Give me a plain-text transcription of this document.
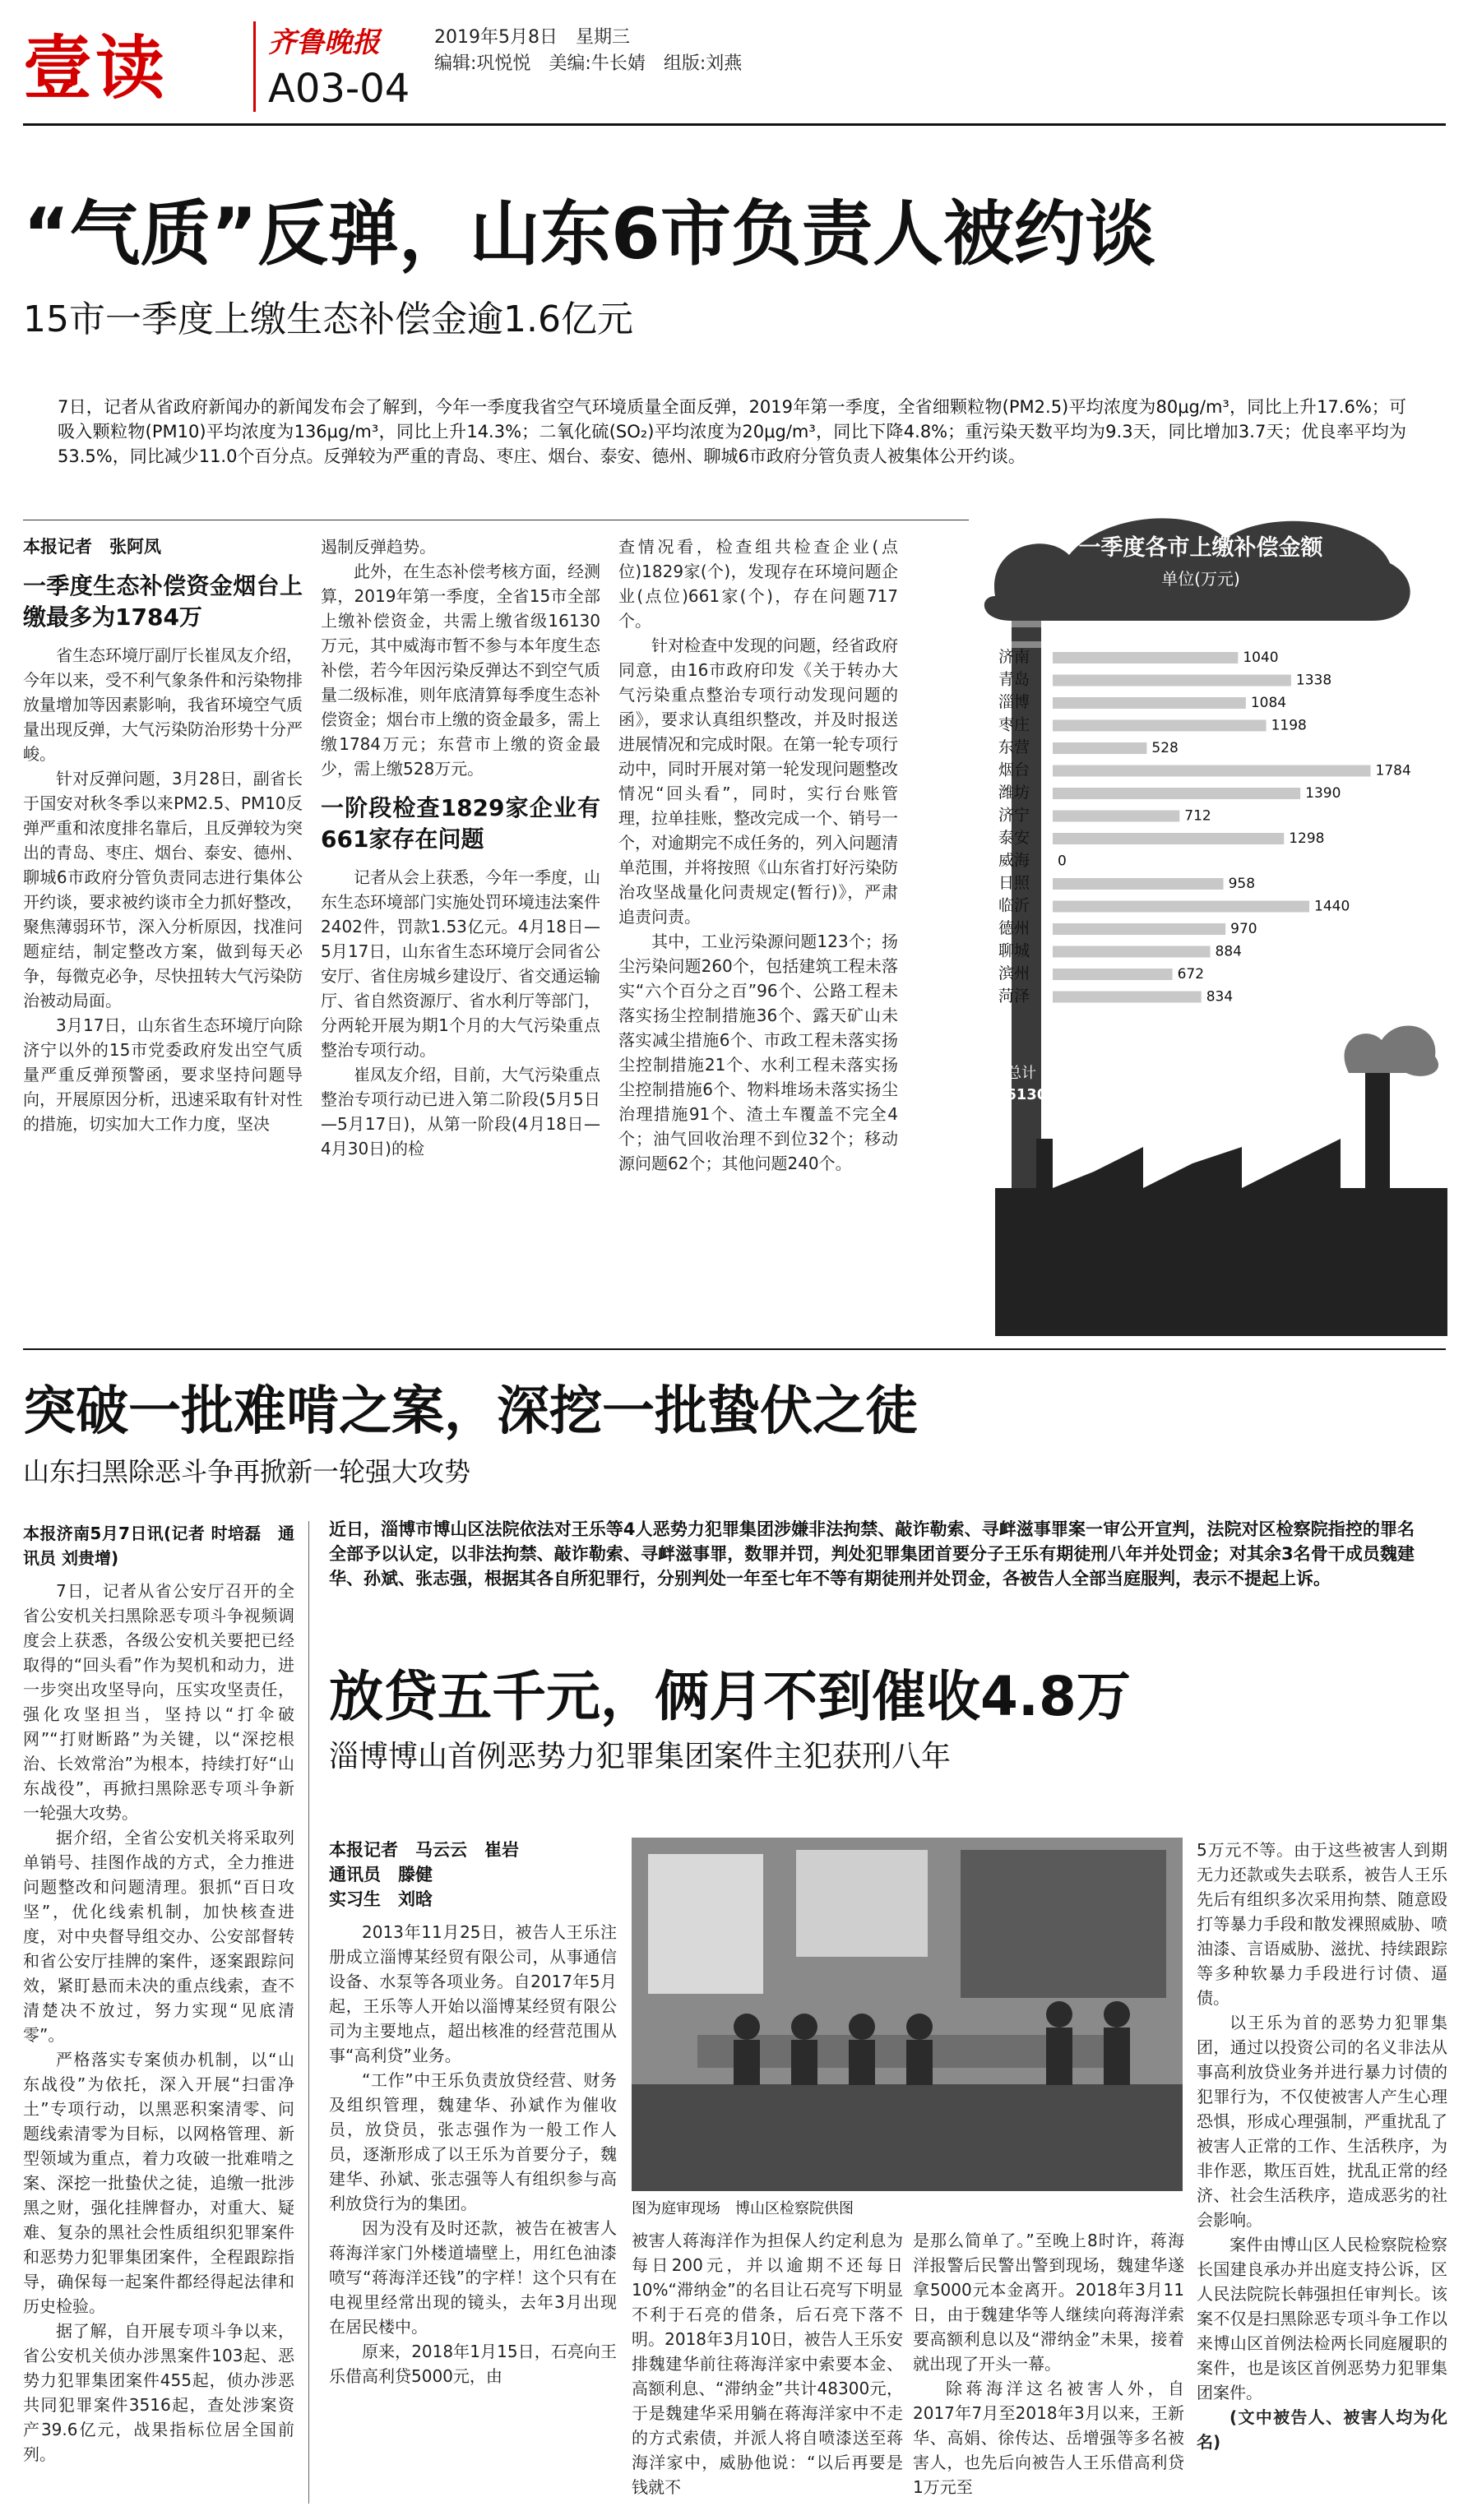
壹读	齐鲁晚报	2019年5月8日　星期三
编辑:巩悦悦　美编:牛长婧　组版:刘燕
A03-04
“气质”反弹，山东6市负责人被约谈
15市一季度上缴生态补偿金逾1.6亿元
7日，记者从省政府新闻办的新闻发布会了解到，今年一季度我省空气环境质量全面反弹，2019年第一季度，全省细颗粒物(PM2.5)平均浓度为80μg/m³，同比上升17.6%；可吸入颗粒物(PM10)平均浓度为136μg/m³，同比上升14.3%；二氧化硫(SO₂)平均浓度为20μg/m³，同比下降4.8%；重污染天数平均为9.3天，同比增加3.7天；优良率平均为53.5%，同比减少11.0个百分点。反弹较为严重的青岛、枣庄、烟台、泰安、德州、聊城6市政府分管负责人被集体公开约谈。
本报记者　张阿凤
一季度生态补偿资金烟台上缴最多为1784万

省生态环境厅副厅长崔凤友介绍，今年以来，受不利气象条件和污染物排放量增加等因素影响，我省环境空气质量出现反弹，大气污染防治形势十分严峻。

针对反弹问题，3月28日，副省长于国安对秋冬季以来PM2.5、PM10反弹严重和浓度排名靠后，且反弹较为突出的青岛、枣庄、烟台、泰安、德州、聊城6市政府分管负责同志进行集体公开约谈，要求被约谈市全力抓好整改，聚焦薄弱环节，深入分析原因，找准问题症结，制定整改方案，做到每天必争，每微克必争，尽快扭转大气污染防治被动局面。

3月17日，山东省生态环境厅向除济宁以外的15市党委政府发出空气质量严重反弹预警函，要求坚持问题导向，开展原因分析，迅速采取有针对性的措施，切实加大工作力度，坚决

遏制反弹趋势。

此外，在生态补偿考核方面，经测算，2019年第一季度，全省15市全部上缴补偿资金，共需上缴省级16130万元，其中威海市暂不参与本年度生态补偿，若今年因污染反弹达不到空气质量二级标准，则年底清算每季度生态补偿资金；烟台市上缴的资金最多，需上缴1784万元；东营市上缴的资金最少，需上缴528万元。

一阶段检查1829家企业有661家存在问题

记者从会上获悉，今年一季度，山东生态环境部门实施处罚环境违法案件2402件，罚款1.53亿元。4月18日—5月17日，山东省生态环境厅会同省公安厅、省住房城乡建设厅、省交通运输厅、省自然资源厅、省水利厅等部门，分两轮开展为期1个月的大气污染重点整治专项行动。

崔凤友介绍，目前，大气污染重点整治专项行动已进入第二阶段(5月5日—5月17日)，从第一阶段(4月18日—4月30日)的检

查情况看，检查组共检查企业(点位)1829家(个)，发现存在环境问题企业(点位)661家(个)，存在问题717个。

针对检查中发现的问题，经省政府同意，由16市政府印发《关于转办大气污染重点整治专项行动发现问题的函》，要求认真组织整改，并及时报送进展情况和完成时限。在第一轮专项行动中，同时开展对第一轮发现问题整改情况“回头看”，同时，实行台账管理，拉单挂账，整改完成一个、销号一个，对逾期完不成任务的，列入问题清单范围，并将按照《山东省打好污染防治攻坚战量化问责规定(暂行)》，严肃追责问责。

其中，工业污染源问题123个；扬尘污染问题260个，包括建筑工程未落实“六个百分之百”96个、公路工程未落实扬尘控制措施36个、露天矿山未落实减尘措施6个、市政工程未落实扬尘控制措施21个、水利工程未落实扬尘控制措施6个、物料堆场未落实扬尘治理措施91个、渣土车覆盖不完全4个；油气回收治理不到位32个；移动源问题62个；其他问题240个。

一季度各市上缴补偿金额
单位(万元)
总计
16130
济南	1040
青岛	1338
淄博	1084
枣庄	1198
东营	528
烟台	1784
潍坊	1390
济宁	712
泰安	1298
威海 0
日照	958
临沂	1440
德州	970
聊城	884
滨州	672
菏泽	834
突破一批难啃之案，深挖一批蛰伏之徒
山东扫黑除恶斗争再掀新一轮强大攻势
本报济南5月7日讯(记者 时培磊　通讯员 刘贵增)

7日，记者从省公安厅召开的全省公安机关扫黑除恶专项斗争视频调度会上获悉，各级公安机关要把已经取得的“回头看”作为契机和动力，进一步突出攻坚导向，压实攻坚责任，强化攻坚担当，坚持以“打伞破网”“打财断路”为关键，以“深挖根治、长效常治”为根本，持续打好“山东战役”，再掀扫黑除恶专项斗争新一轮强大攻势。

据介绍，全省公安机关将采取列单销号、挂图作战的方式，全力推进问题整改和问题清理。狠抓“百日攻坚”，优化线索机制，加快核查进度，对中央督导组交办、公安部督转和省公安厅挂牌的案件，逐案跟踪问效，紧盯悬而未决的重点线索，查不清楚决不放过，努力实现“见底清零”。

严格落实专案侦办机制，以“山东战役”为依托，深入开展“扫雷净土”专项行动，以黑恶积案清零、问题线索清零为目标，以网格管理、新型领域为重点，着力攻破一批难啃之案、深挖一批蛰伏之徒，追缴一批涉黑之财，强化挂牌督办，对重大、疑难、复杂的黑社会性质组织犯罪案件和恶势力犯罪集团案件，全程跟踪指导，确保每一起案件都经得起法律和历史检验。

据了解，自开展专项斗争以来，省公安机关侦办涉黑案件103起、恶势力犯罪集团案件455起，侦办涉恶共同犯罪案件3516起，查处涉案资产39.6亿元，战果指标位居全国前列。

近日，淄博市博山区法院依法对王乐等4人恶势力犯罪集团涉嫌非法拘禁、敲诈勒索、寻衅滋事罪案一审公开宣判，法院对区检察院指控的罪名全部予以认定，以非法拘禁、敲诈勒索、寻衅滋事罪，数罪并罚，判处犯罪集团首要分子王乐有期徒刑八年并处罚金；对其余3名骨干成员魏建华、孙斌、张志强，根据其各自所犯罪行，分别判处一年至七年不等有期徒刑并处罚金，各被告人全部当庭服判，表示不提起上诉。
放贷五千元，俩月不到催收4.8万
淄博博山首例恶势力犯罪集团案件主犯获刑八年
本报记者　马云云　崔岩
通讯员　滕健
实习生　刘晗

2013年11月25日，被告人王乐注册成立淄博某经贸有限公司，从事通信设备、水泵等各项业务。自2017年5月起，王乐等人开始以淄博某经贸有限公司为主要地点，超出核准的经营范围从事“高利贷”业务。

“工作”中王乐负责放贷经营、财务及组织管理，魏建华、孙斌作为催收员，放贷员，张志强作为一般工作人员，逐渐形成了以王乐为首要分子，魏建华、孙斌、张志强等人有组织参与高利放贷行为的集团。

因为没有及时还款，被告在被害人蒋海洋家门外楼道墙壁上，用红色油漆喷写“蒋海洋还钱”的字样！这个只有在电视里经常出现的镜头，去年3月出现在居民楼中。

原来，2018年1月15日，石亮向王乐借高利贷5000元，由

图为庭审现场　博山区检察院供图

被害人蒋海洋作为担保人约定利息为每日200元，并以逾期不还每日10%“滞纳金”的名目让石亮写下明显不利于石亮的借条，后石亮下落不明。2018年3月10日，被告人王乐安排魏建华前往蒋海洋家中索要本金、高额利息、“滞纳金”共计48300元，于是魏建华采用躺在蒋海洋家中不走的方式索债，并派人将自喷漆送至蒋海洋家中，威胁他说：“以后再要是钱就不

是那么简单了。”至晚上8时许，蒋海洋报警后民警出警到现场，魏建华遂拿5000元本金离开。2018年3月11日，由于魏建华等人继续向蒋海洋索要高额利息以及“滞纳金”未果，接着就出现了开头一幕。

除蒋海洋这名被害人外，自2017年7月至2018年3月以来，王新华、高娟、徐传达、岳增强等多名被害人，也先后向被告人王乐借高利贷1万元至

5万元不等。由于这些被害人到期无力还款或失去联系，被告人王乐先后有组织多次采用拘禁、随意殴打等暴力手段和散发裸照威胁、喷油漆、言语威胁、滋扰、持续跟踪等多种软暴力手段进行讨债、逼债。

以王乐为首的恶势力犯罪集团，通过以投资公司的名义非法从事高利放贷业务并进行暴力讨债的犯罪行为，不仅使被害人产生心理恐惧，形成心理强制，严重扰乱了被害人正常的工作、生活秩序，为非作恶，欺压百姓，扰乱正常的经济、社会生活秩序，造成恶劣的社会影响。

案件由博山区人民检察院检察长国建良承办并出庭支持公诉，区人民法院院长韩强担任审判长。该案不仅是扫黑除恶专项斗争工作以来博山区首例法检两长同庭履职的案件，也是该区首例恶势力犯罪集团案件。

(文中被告人、被害人均为化名)
